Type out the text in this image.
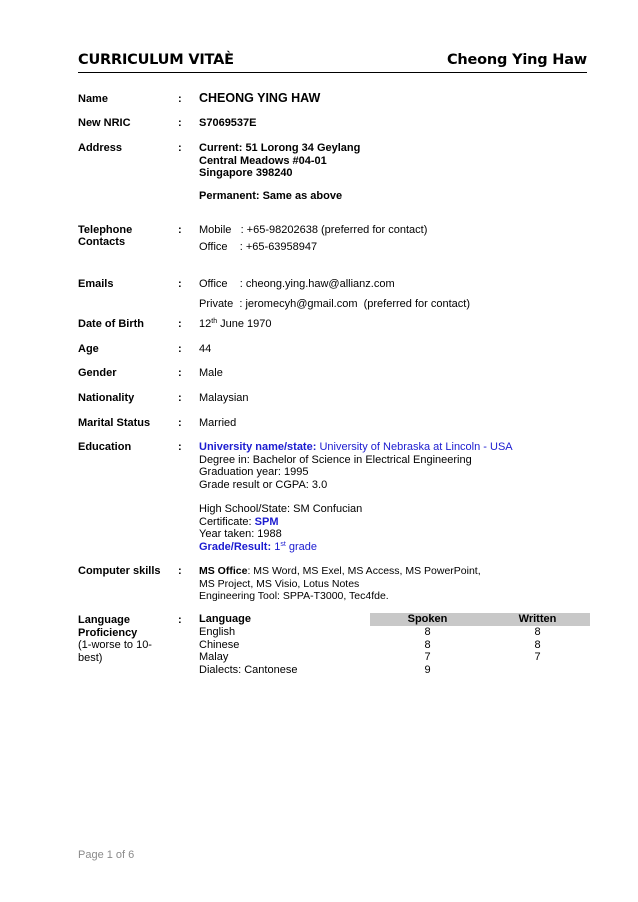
CURRICULUM VITAÈ	Cheong Ying Haw
Name	: CHEONG YING HAW
New NRIC	: S7069537E
Address	: Current: 51 Lorong 34 Geylang
Central Meadows #04-01
Singapore 398240
Permanent: Same as above
Telephone
Contacts
: Mobile   : +65-98202638 (preferred for contact)
Office    : +65-63958947
Emails	: Office    : cheong.ying.haw@allianz.com
Private  : jeromecyh@gmail.com  (preferred for contact)
Date of Birth	: 12th June 1970
Age	: 44
Gender	: Male
Nationality	: Malaysian
Marital Status	: Married
Education	: University name/state: University of Nebraska at Lincoln - USA
Degree in: Bachelor of Science in Electrical Engineering
Graduation year: 1995
Grade result or CGPA: 3.0
High School/State: SM Confucian
Certificate: SPM
Year taken: 1988
Grade/Result: 1st grade
Computer skills : MS Office: MS Word, MS Exel, MS Access, MS PowerPoint,
MS Project, MS Visio, Lotus Notes
Engineering Tool: SPPA-T3000, Tec4fde.
Language
Proficiency
(1-worse to 10-
best)
: Language	Spoken	Written
English	8	8
Chinese	8	8
Malay	7	7
Dialects: Cantonese	9	
Page 1 of 6
